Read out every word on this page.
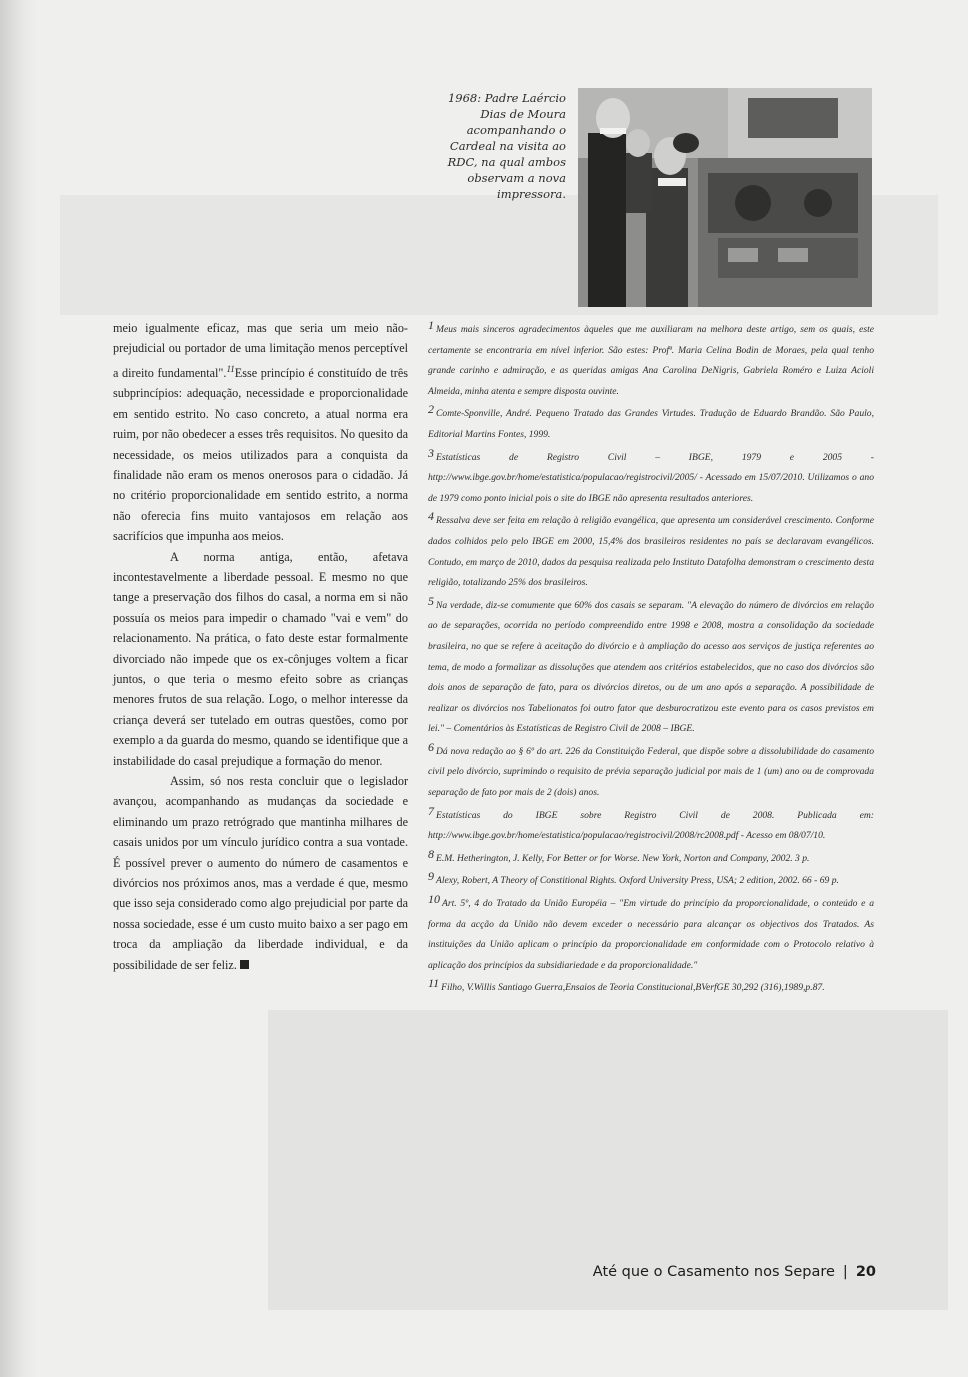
1968: Padre Laércio Dias de Moura acompanhando o Cardeal na visita ao RDC, na qual ambos observam a nova impressora.

meio igualmente eficaz, mas que seria um meio não-prejudicial ou portador de uma limitação menos perceptível a direito fundamental".$^{11}$Esse princípio é constituído de três subprincípios: adequação, necessidade e proporcionalidade em sentido estrito. No caso concreto, a atual norma era ruim, por não obedecer a esses três requisitos. No quesito da necessidade, os meios utilizados para a conquista da finalidade não eram os menos onerosos para o cidadão. Já no critério proporcionalidade em sentido estrito, a norma não oferecia fins muito vantajosos em relação aos sacrifícios que impunha aos meios.

A norma antiga, então, afetava incontestavelmente a liberdade pessoal. E mesmo no que tange a preservação dos filhos do casal, a norma em si não possuía os meios para impedir o chamado "vai e vem" do relacionamento. Na prática, o fato deste estar formalmente divorciado não impede que os ex-cônjuges voltem a ficar juntos, o que teria o mesmo efeito sobre as crianças menores frutos de sua relação. Logo, o melhor interesse da criança deverá ser tutelado em outras questões, como por exemplo a da guarda do mesmo, quando se identifique que a instabilidade do casal prejudique a formação do menor.

Assim, só nos resta concluir que o legislador avançou, acompanhando as mudanças da sociedade e eliminando um prazo retrógrado que mantinha milhares de casais unidos por um vínculo jurídico contra a sua vontade. É possível prever o aumento do número de casamentos e divórcios nos próximos anos, mas a verdade é que, mesmo que isso seja considerado como algo prejudicial por parte da nossa sociedade, esse é um custo muito baixo a ser pago em troca da ampliação da liberdade individual, e da possibilidade de ser feliz.

1 Meus mais sinceros agradecimentos àqueles que me auxiliaram na melhora deste artigo, sem os quais, este certamente se encontraria em nível inferior. São estes: Profª. Maria Celina Bodin de Moraes, pela qual tenho grande carinho e admiração, e as queridas amigas Ana Carolina DeNigris, Gabriela Roméro e Luiza Acioli Almeida, minha atenta e sempre disposta ouvinte.

2 Comte-Sponville, André. Pequeno Tratado das Grandes Virtudes. Tradução de Eduardo Brandão. São Paulo, Editorial Martins Fontes, 1999.

3 Estatísticas de Registro Civil – IBGE, 1979 e 2005 - http://www.ibge.gov.br/home/estatistica/populacao/registrocivil/2005/ - Acessado em 15/07/2010. Utilizamos o ano de 1979 como ponto inicial pois o site do IBGE não apresenta resultados anteriores.

4 Ressalva deve ser feita em relação à religião evangélica, que apresenta um considerável crescimento. Conforme dados colhidos pelo pelo IBGE em 2000, 15,4% dos brasileiros residentes no país se declaravam evangélicos. Contudo, em março de 2010, dados da pesquisa realizada pelo Instituto Datafolha demonstram o crescimento desta religião, totalizando 25% dos brasileiros.

5 Na verdade, diz-se comumente que 60% dos casais se separam. "A elevação do número de divórcios em relação ao de separações, ocorrida no período compreendido entre 1998 e 2008, mostra a consolidação da sociedade brasileira, no que se refere à aceitação do divórcio e à ampliação do acesso aos serviços de justiça referentes ao tema, de modo a formalizar as dissoluções que atendem aos critérios estabelecidos, que no caso dos divórcios são dois anos de separação de fato, para os divórcios diretos, ou de um ano após a separação. A possibilidade de realizar os divórcios nos Tabelionatos foi outro fator que desburocratizou este evento para os casos previstos em lei." – Comentários às Estatísticas de Registro Civil de 2008 – IBGE.

6 Dá nova redação ao § 6º do art. 226 da Constituição Federal, que dispõe sobre a dissolubilidade do casamento civil pelo divórcio, suprimindo o requisito de prévia separação judicial por mais de 1 (um) ano ou de comprovada separação de fato por mais de 2 (dois) anos.

7 Estatísticas do IBGE sobre Registro Civil de 2008. Publicada em: http://www.ibge.gov.br/home/estatistica/populacao/registrocivil/2008/rc2008.pdf - Acesso em 08/07/10.

8 E.M. Hetherington, J. Kelly, For Better or for Worse. New York, Norton and Company, 2002. 3 p.

9 Alexy, Robert, A Theory of Constitional Rights. Oxford University Press, USA; 2 edition, 2002. 66 - 69 p.

10 Art. 5º, 4 do Tratado da União Européia – "Em virtude do princípio da proporcionalidade, o conteúdo e a forma da acção da União não devem exceder o necessário para alcançar os objectivos dos Tratados. As instituições da União aplicam o princípio da proporcionalidade em conformidade com o Protocolo relativo à aplicação dos princípios da subsidiariedade e da proporcionalidade."

11 Filho, V.Willis Santiago Guerra,Ensaios de Teoria Constitucional,BVerfGE 30,292 (316),1989,p.87.

Até que o Casamento nos Separe | 20
